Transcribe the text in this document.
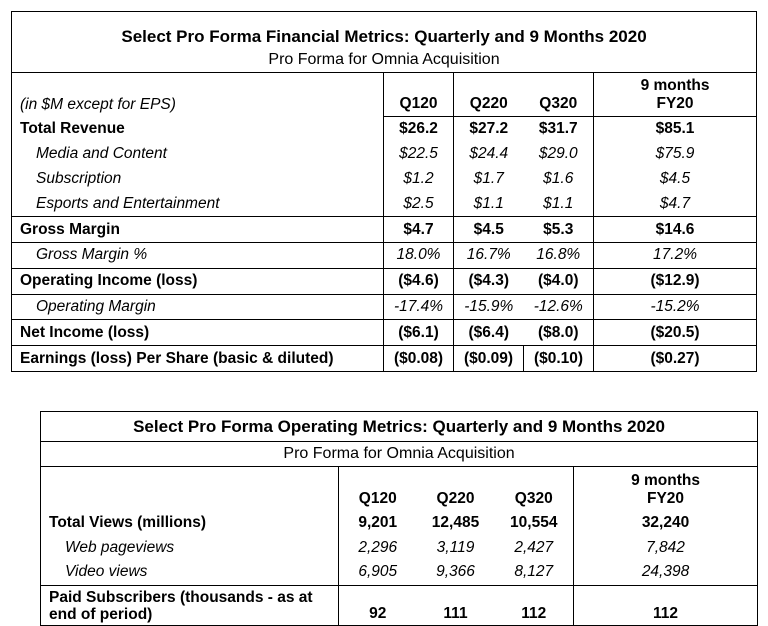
Select Pro Forma Financial Metrics: Quarterly and 9 Months 2020				
Pro Forma for Omnia Acquisition				
(in $M except for EPS)	Q120	Q220	Q320	9 months
FY20
Total Revenue	$26.2	$27.2	$31.7	$85.1
Media and Content	$22.5	$24.4	$29.0	$75.9
Subscription	$1.2	$1.7	$1.6	$4.5
Esports and Entertainment	$2.5	$1.1	$1.1	$4.7
Gross Margin	$4.7	$4.5	$5.3	$14.6
Gross Margin %	18.0%	16.7%	16.8%	17.2%
Operating Income (loss)	($4.6)	($4.3)	($4.0)	($12.9)
Operating Margin	-17.4%	-15.9%	-12.6%	-15.2%
Net Income (loss)	($6.1)	($6.4)	($8.0)	($20.5)
Earnings (loss) Per Share (basic & diluted)	($0.08)	($0.09)	($0.10)	($0.27)
Select Pro Forma Operating Metrics: Quarterly and 9 Months 2020				
Pro Forma for Omnia Acquisition				
	Q120	Q220	Q320	9 months
FY20
Total Views (millions)	9,201	12,485	10,554	32,240
Web pageviews	2,296	3,119	2,427	7,842
Video views	6,905	9,366	8,127	24,398
Paid Subscribers (thousands - as at end of period)	92	111	112	112
